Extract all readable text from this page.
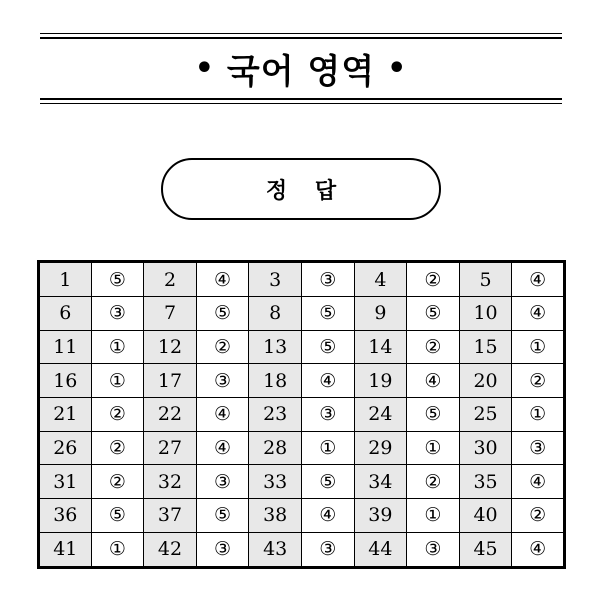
• 국어 영역 •
정 답
1	⑤	2	④	3	③	4	②	5	④
6	③	7	⑤	8	⑤	9	⑤	10	④
11	①	12	②	13	⑤	14	②	15	①
16	①	17	③	18	④	19	④	20	②
21	②	22	④	23	③	24	⑤	25	①
26	②	27	④	28	①	29	①	30	③
31	②	32	③	33	⑤	34	②	35	④
36	⑤	37	⑤	38	④	39	①	40	②
41	①	42	③	43	③	44	③	45	④
